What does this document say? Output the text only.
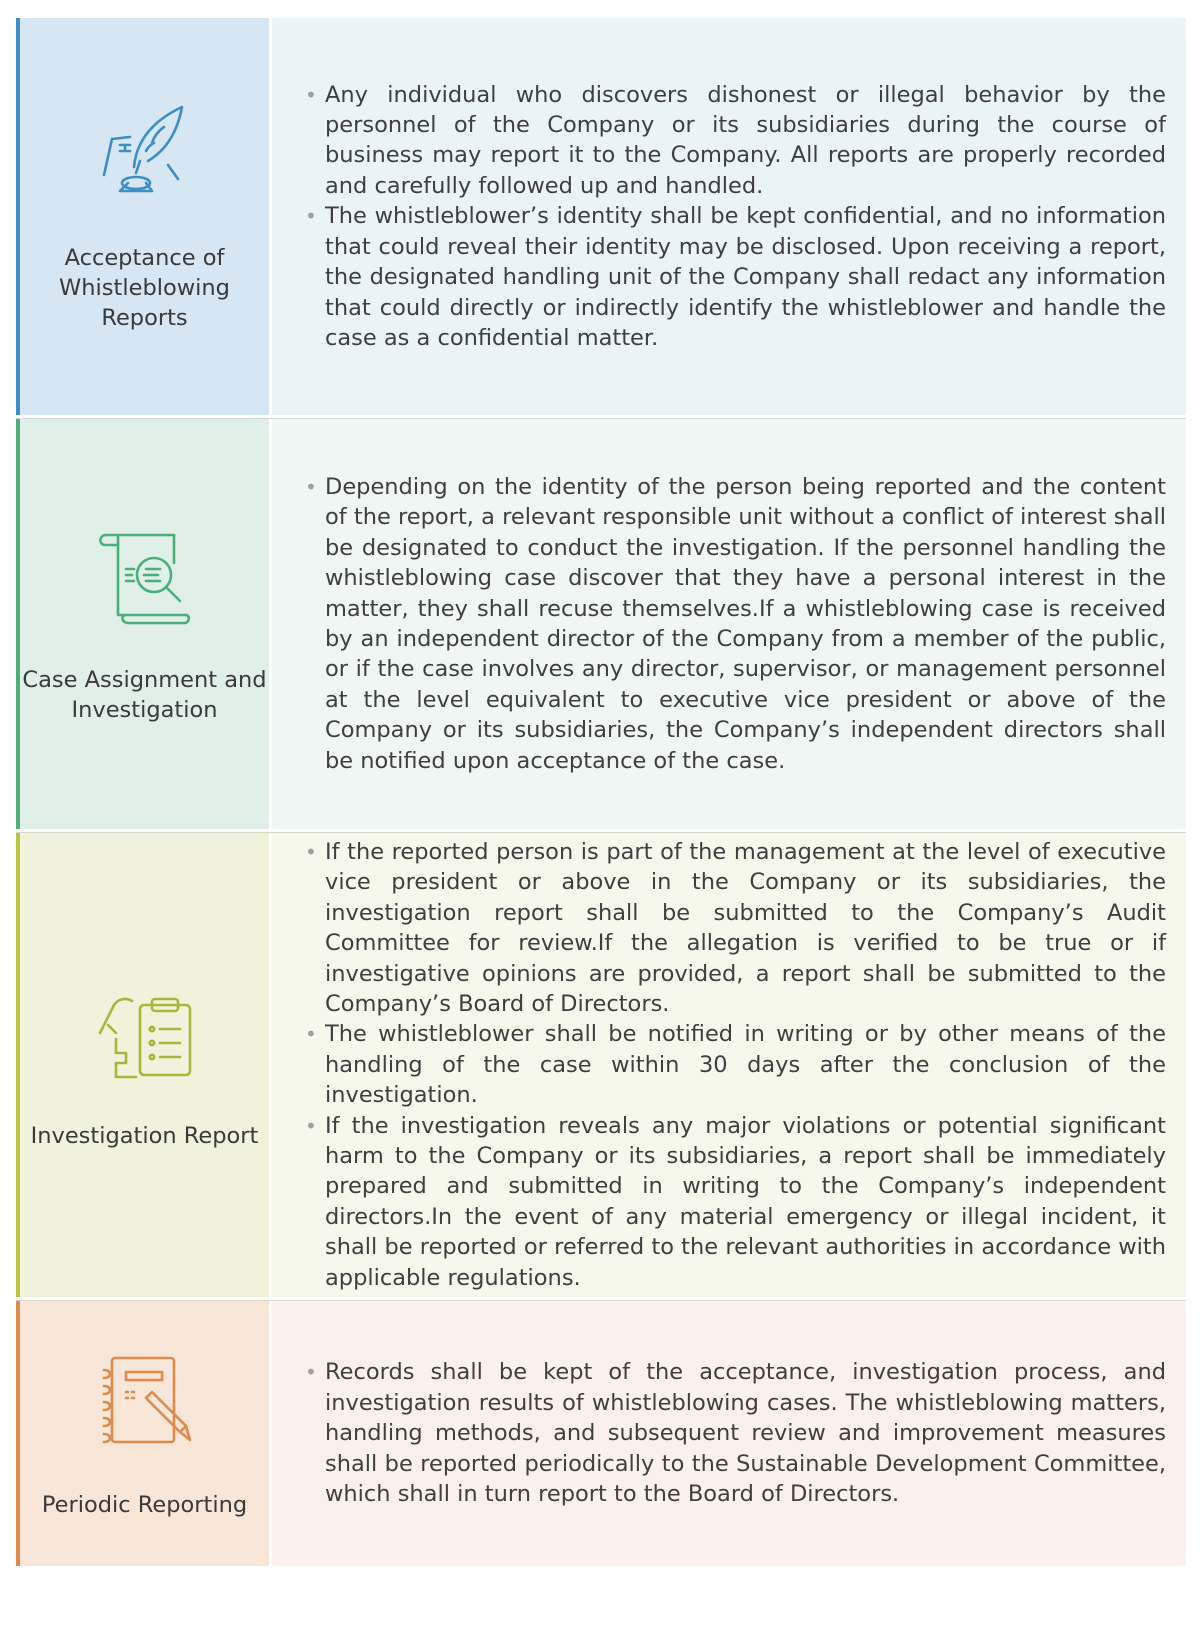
Acceptance of Whistleblowing Reports
• Any individual who discovers dishonest or illegal behavior by the personnel of the Company or its subsidiaries during the course of business may report it to the Company. All reports are properly recorded and carefully followed up and handled.
• The whistleblower’s identity shall be kept confidential, and no information that could reveal their identity may be disclosed. Upon receiving a report, the designated handling unit of the Company shall redact any information that could directly or indirectly identify the whistleblower and handle the case as a confidential matter.
Case Assignment and Investigation
• Depending on the identity of the person being reported and the content of the report, a relevant responsible unit without a conflict of interest shall be designated to conduct the investigation. If the personnel handling the whistleblowing case discover that they have a personal interest in the matter, they shall recuse themselves.If a whistleblowing case is received by an independent director of the Company from a member of the public, or if the case involves any director, supervisor, or management personnel at the level equivalent to executive vice president or above of the Company or its subsidiaries, the Company’s independent directors shall be notified upon acceptance of the case.
Investigation Report
• If the reported person is part of the management at the level of executive vice president or above in the Company or its subsidiaries, the investigation report shall be submitted to the Company’s Audit Committee for review.If the allegation is verified to be true or if investigative opinions are provided, a report shall be submitted to the Company’s Board of Directors.
• The whistleblower shall be notified in writing or by other means of the handling of the case within 30 days after the conclusion of the investigation.
• If the investigation reveals any major violations or potential significant harm to the Company or its subsidiaries, a report shall be immediately prepared and submitted in writing to the Company’s independent directors.In the event of any material emergency or illegal incident, it shall be reported or referred to the relevant authorities in accordance with applicable regulations.
Periodic Reporting
• Records shall be kept of the acceptance, investigation process, and investigation results of whistleblowing cases. The whistleblowing matters, handling methods, and subsequent review and improvement measures shall be reported periodically to the Sustainable Development Committee, which shall in turn report to the Board of Directors.
